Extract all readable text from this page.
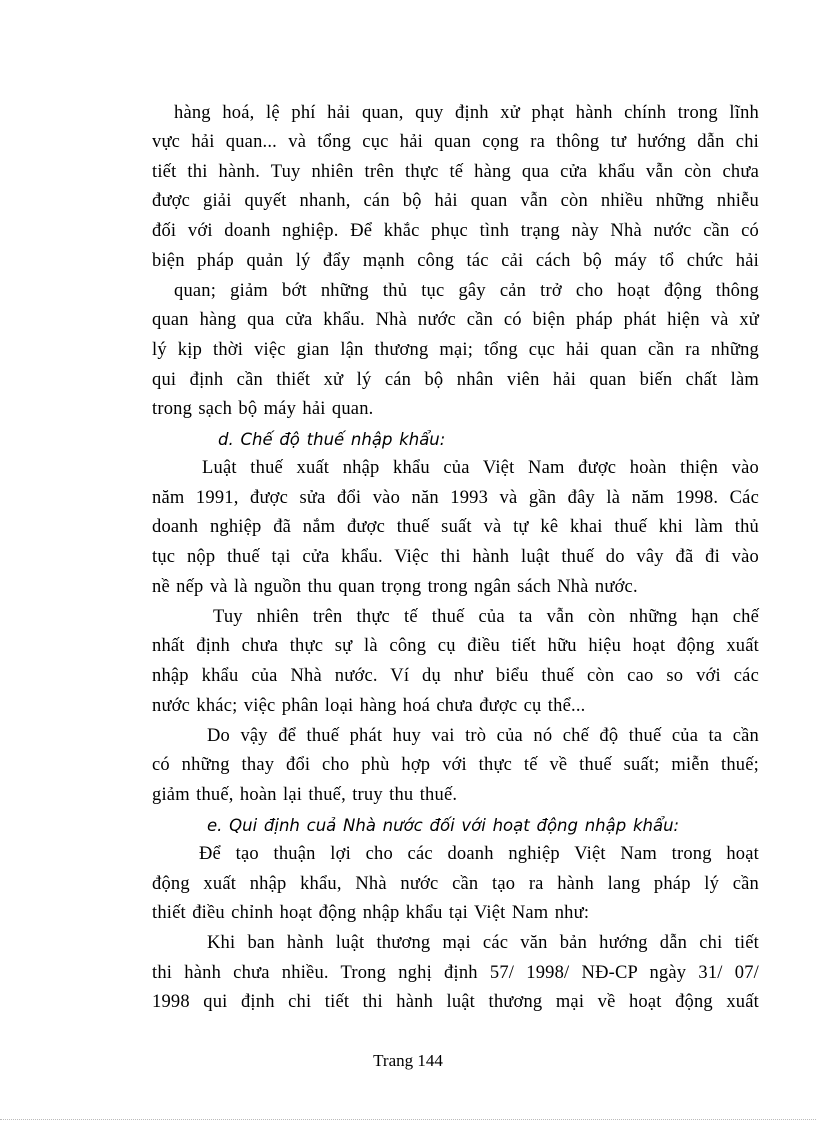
hàng hoá, lệ phí hải quan, quy định xử phạt hành chính trong lĩnh
vực hải quan... và tổng cục hải quan cọng ra thông tư hướng dẫn chi
tiết thi hành. Tuy nhiên trên thực tế hàng qua cửa khẩu vẫn còn chưa
được giải quyết nhanh, cán bộ hải quan vẫn còn nhiều những nhiễu
đối với doanh nghiệp. Để khắc phục tình trạng này Nhà nước cần có
biện pháp quản lý đẩy mạnh công tác cải cách bộ máy tổ chức hải
quan; giảm bớt những thủ tục gây cản trở cho hoạt động thông
quan hàng qua cửa khẩu. Nhà nước cần có biện pháp phát hiện và xử
lý kịp thời việc gian lận thương mại; tổng cục hải quan cần ra những
qui định cần thiết xử lý cán bộ nhân viên hải quan biến chất làm
trong sạch bộ máy hải quan.
d. Chế độ thuế nhập khẩu:
Luật thuế xuất nhập khẩu của Việt Nam được hoàn thiện vào
năm 1991, được sửa đổi vào năn 1993 và gần đây là năm 1998. Các
doanh nghiệp đã nắm được thuế suất và tự kê khai thuế khi làm thủ
tục nộp thuế tại cửa khẩu. Việc thi hành luật thuế do vây đã đi vào
nề nếp và là nguồn thu quan trọng trong ngân sách Nhà nước.
Tuy nhiên trên thực tế thuế của ta vẫn còn những hạn chế
nhất định chưa thực sự là công cụ điều tiết hữu hiệu hoạt động xuất
nhập khẩu của Nhà nước. Ví dụ như biểu thuế còn cao so với các
nước khác; việc phân loại hàng hoá chưa được cụ thể...
Do vậy để thuế phát huy vai trò của nó chế độ thuế của ta cần
có những thay đổi cho phù hợp với thực tế về thuế suất; miễn thuế;
giảm thuế, hoàn lại thuế, truy thu thuế.
e. Qui định cuả Nhà nước đối với hoạt động nhập khẩu:
Để tạo thuận lợi cho các doanh nghiệp Việt Nam trong hoạt
động xuất nhập khẩu, Nhà nước cần tạo ra hành lang pháp lý cần
thiết điều chỉnh hoạt động nhập khẩu tại Việt Nam như:
Khi ban hành luật thương mại các văn bản hướng dẫn chi tiết
thi hành chưa nhiều. Trong nghị định 57/ 1998/ NĐ-CP ngày 31/ 07/
1998 qui định chi tiết thi hành luật thương mại về hoạt động xuất
Trang 144
